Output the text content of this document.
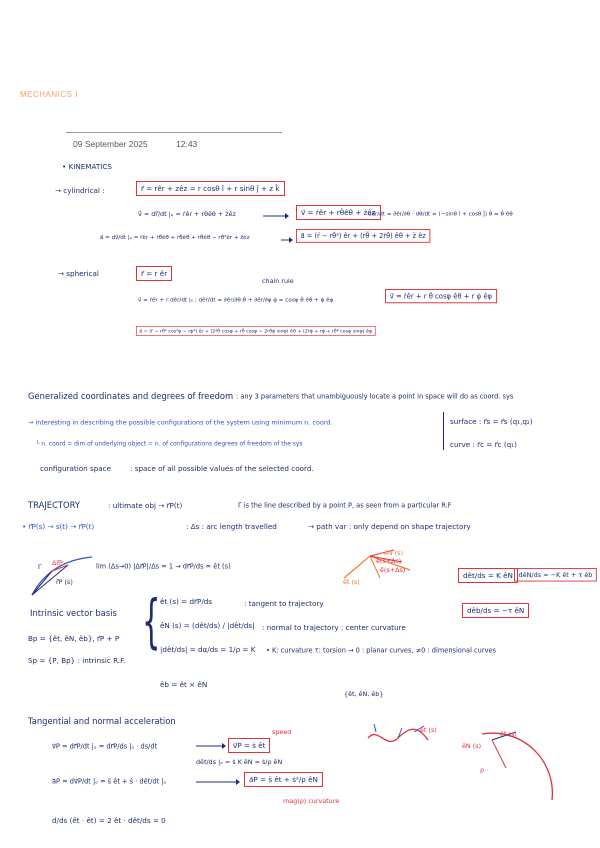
MECHANICS I
09 September 2025	12:43
• KINEMATICS
→ cylindrical :	r⃗ = rêr + zêz = r cosθ î + r sinθ ĵ + z k̂
v⃗ = dr⃗/dt |ₒ = ṙêr + rθ̇êθ + żêz	v⃗ = ṙêr + rθ̇êθ + żêz
dêr/dt = ∂êr/∂θ · dθ/dt = (−sinθ î + cosθ ĵ) θ̇ = θ̇ êθ
a⃗ = dv⃗/dt |ₒ = r̈êr + ṙθ̇êθ + ṙθ̇êθ + rθ̈êθ − rθ̇²êr + z̈êz	a⃗ = (r̈ − rθ̇²) êr + (rθ̈ + 2ṙθ̇) êθ + z̈ êz
→ spherical	r⃗ = r êr
chain rule
v⃗ = ṙêr + r dêr/dt |ₒ ; dêr/dt = ∂êr/∂θ θ̇ + ∂êr/∂φ φ̇ = cosφ θ̇ êθ + φ̇ êφ	v⃗ = ṙêr + r θ̇ cosφ êθ + r φ̇ êφ
a⃗ = (r̈ − rθ̇² cos²φ − rφ̇²) êr + (2ṙθ̇ cosφ + rθ̈ cosφ − 2rθ̇φ̇ sinφ) êθ + (2ṙφ̇ + rφ̈ + rθ̇² cosφ sinφ) êφ
Generalized coordinates and degrees of freedom : any 3 parameters that unambiguously locate a point in space will do as coord. sys
→ interesting in describing the possible configurations of the system using minimum n. coord.
└ n. coord = dim of underlying object = n. of configurations degrees of freedom of the sys
surface : r⃗s = r⃗s (q₁,q₂)
curve : r⃗c = r⃗c (q₁)
configuration space	: space of all possible values of the selected coord.
TRAJECTORY	: ultimate obj → r⃗P(t)	Γ is the line described by a point P, as seen from a particular R.F
• r⃗P(s) → s(t) → r⃗P(t)	: Δs : arc length travelled	→ path var : only depend on shape trajectory
Γ Δr⃗P
r⃗P (s)
lim (Δs→0) |Δr⃗P|/Δs = 1 → dr⃗P/ds = êt (s)
êt (s)
êN (s)
ê(s+Δs)
ê(s+Δs)
dêt/ds = K êN dêN/ds = −K êt + τ êb
dêb/ds = −τ êN
Intrinsic vector basis
Bp = {êt, êN, êb}, r⃗P + P
Sp = {P, Bp} : intrinsic R.F.
{ êt (s) = dr⃗P/ds	: tangent to trajectory
êN (s) = (dêt/ds) / |dêt/ds| : normal to trajectory : center curvature
|dêt/ds| = dα/ds = 1/ρ = K • K: curvature τ: torsion → 0 : planar curves, ≠0 : dimensional curves
êb = êt × êN
{êt, êN, êb}
Tangential and normal acceleration
v⃗P = dr⃗P/dt |ₒ = dr⃗P/ds |ₒ · ds/dt
speed
v⃗P = ṡ êt
dêt/ds |ₒ = ṡ K êN = ṡ/ρ êN
a⃗P = dv⃗P/dt |ₒ = s̈ êt + ṡ · dêt/dt |ₒ	a⃗P = s̈ êt + ṡ²/ρ êN
mag(ρ) curvature
d/ds (êt · êt) = 2 êt · dêt/ds = 0
êt (s)
êN (s)
êt (s)
ρ
